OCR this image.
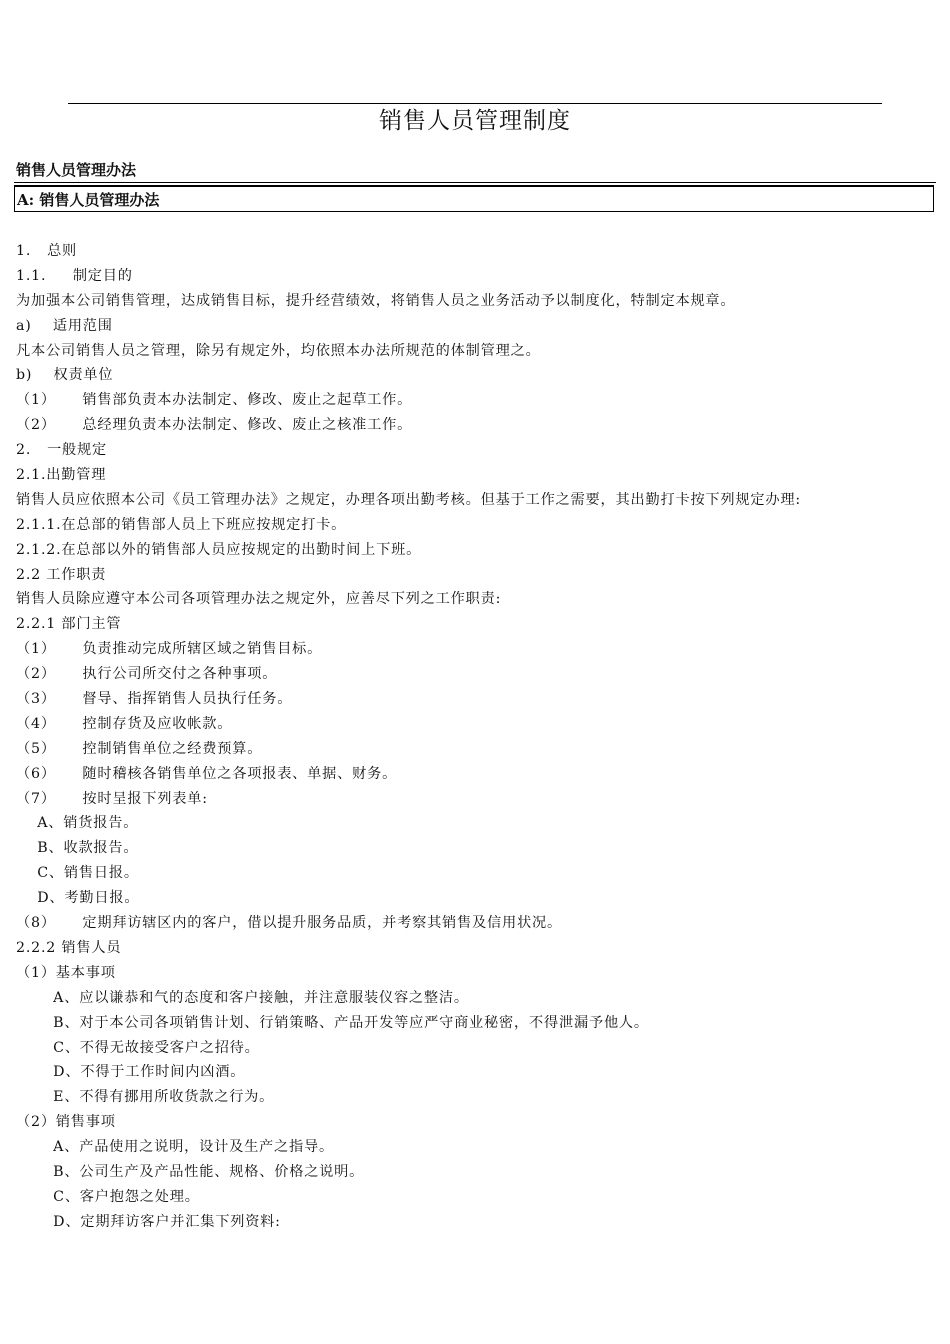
销售人员管理制度
销售人员管理办法
A: 销售人员管理办法
1.   总则
1.1.     制定目的
为加强本公司销售管理，达成销售目标，提升经营绩效，将销售人员之业务活动予以制度化，特制定本规章。
a)    适用范围
凡本公司销售人员之管理，除另有规定外，均依照本办法所规范的体制管理之。
b)    权责单位
（1）     销售部负责本办法制定、修改、废止之起草工作。
（2）     总经理负责本办法制定、修改、废止之核准工作。
2.   一般规定
2.1.出勤管理
销售人员应依照本公司《员工管理办法》之规定，办理各项出勤考核。但基于工作之需要，其出勤打卡按下列规定办理:
2.1.1.在总部的销售部人员上下班应按规定打卡。
2.1.2.在总部以外的销售部人员应按规定的出勤时间上下班。
2.2 工作职责
销售人员除应遵守本公司各项管理办法之规定外，应善尽下列之工作职责:
2.2.1 部门主管
（1）     负责推动完成所辖区域之销售目标。
（2）     执行公司所交付之各种事项。
（3）     督导、指挥销售人员执行任务。
（4）     控制存货及应收帐款。
（5）     控制销售单位之经费预算。
（6）     随时稽核各销售单位之各项报表、单据、财务。
（7）     按时呈报下列表单:
A、销货报告。
B、收款报告。
C、销售日报。
D、考勤日报。
（8）     定期拜访辖区内的客户，借以提升服务品质，并考察其销售及信用状况。
2.2.2 销售人员
（1）基本事项
A、应以谦恭和气的态度和客户接触，并注意服装仪容之整洁。
B、对于本公司各项销售计划、行销策略、产品开发等应严守商业秘密，不得泄漏予他人。
C、不得无故接受客户之招待。
D、不得于工作时间内凶酒。
E、不得有挪用所收货款之行为。
（2）销售事项
A、产品使用之说明，设计及生产之指导。
B、公司生产及产品性能、规格、价格之说明。
C、客户抱怨之处理。
D、定期拜访客户并汇集下列资料:
